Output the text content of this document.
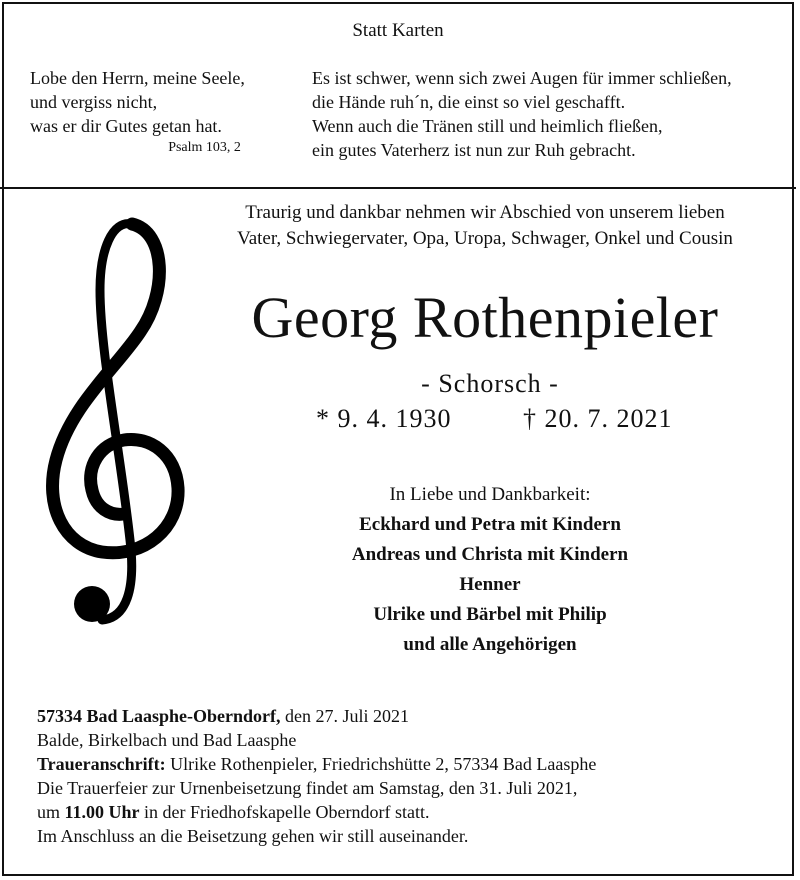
Statt Karten
Lobe den Herrn, meine Seele,
und vergiss nicht,
was er dir Gutes getan hat.
Psalm 103, 2
Es ist schwer, wenn sich zwei Augen für immer schließen,
die Hände ruh´n, die einst so viel geschafft.
Wenn auch die Tränen still und heimlich fließen,
ein gutes Vaterherz ist nun zur Ruh gebracht.
Traurig und dankbar nehmen wir Abschied von unserem lieben
Vater, Schwiegervater, Opa, Uropa, Schwager, Onkel und Cousin
Georg Rothenpieler
- Schorsch -
* 9. 4. 1930	† 20. 7. 2021
In Liebe und Dankbarkeit:
Eckhard und Petra mit Kindern
Andreas und Christa mit Kindern
Henner
Ulrike und Bärbel mit Philip
und alle Angehörigen
57334 Bad Laasphe-Oberndorf, den 27. Juli 2021
Balde, Birkelbach und Bad Laasphe
Traueranschrift: Ulrike Rothenpieler, Friedrichshütte 2, 57334 Bad Laasphe
Die Trauerfeier zur Urnenbeisetzung findet am Samstag, den 31. Juli 2021,
um 11.00 Uhr in der Friedhofskapelle Oberndorf statt.
Im Anschluss an die Beisetzung gehen wir still auseinander.
